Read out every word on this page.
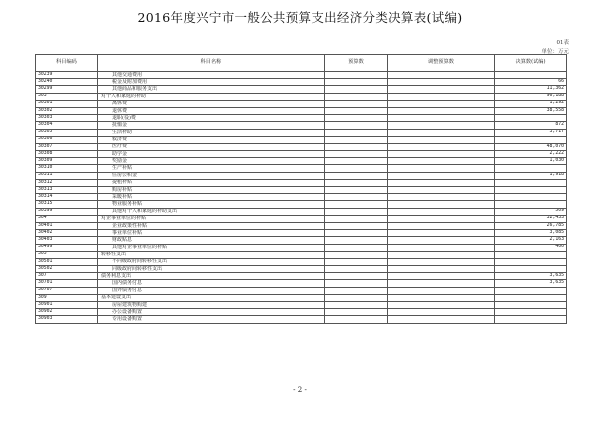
2016年度兴宁市一般公共预算支出经济分类决算表(试编)
01表
单位：万元
科目编码	科目名称	预算数	调整预算数	决算数(试编)
30239	其他交通费用			
30240	税金及附加费用			66
30299	其他商品和服务支出			11,362
303	对个人和家庭的补助			96,188
30301	离休费			1,292
30302	退休费			38,558
30303	退职(役)费			
30304	抚恤金			872
30305	生活补助			3,717
30306	救济费			
30307	医疗费			48,070
30308	助学金			2,222
30309	奖励金			1,030
30310	生产补贴			
30311	住房公积金			1,918
30312	提租补贴			
30313	购房补贴			
30314	采暖补贴			
30315	物业服务补贴			
30399	其他对个人和家庭的补助支出			509
304	对企事业单位的补贴			32,433
30401	企业政策性补贴			26,785
30402	事业单位补贴			3,085
30403	财政贴息			2,163
30499	其他对企事业单位的补贴			400
305	转移性支出			
30501	不同级政府间转移性支出			
30502	同级政府间转移性支出			
307	债务利息支出			3,635
30701	国内债务付息			3,635
30707	国外债务付息			
309	基本建设支出			
30901	房屋建筑物购建			
30902	办公设备购置			
30903	专用设备购置			
- 2 -
